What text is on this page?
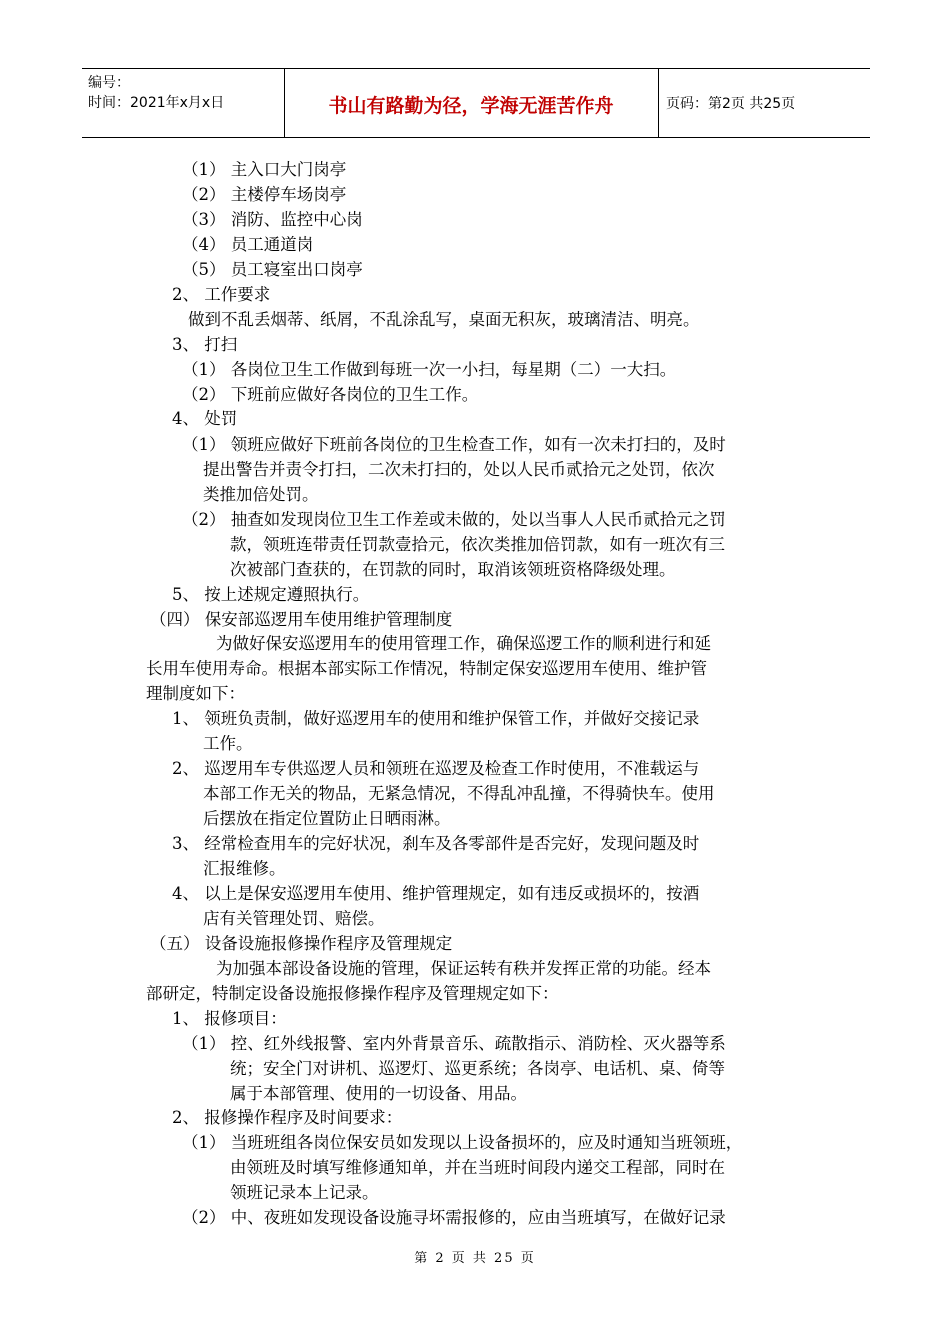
编号：
时间：2021年x月x日	书山有路勤为径，学海无涯苦作舟	页码：第2页 共25页
（1） 主入口大门岗亭
（2） 主楼停车场岗亭
（3） 消防、监控中心岗
（4） 员工通道岗
（5） 员工寝室出口岗亭
2、 工作要求
做到不乱丢烟蒂、纸屑，不乱涂乱写，桌面无积灰，玻璃清洁、明亮。
3、 打扫
（1） 各岗位卫生工作做到每班一次一小扫，每星期（二）一大扫。
（2） 下班前应做好各岗位的卫生工作。
4、 处罚
（1） 领班应做好下班前各岗位的卫生检查工作，如有一次未打扫的，及时
提出警告并责令打扫，二次未打扫的，处以人民币贰拾元之处罚，依次
类推加倍处罚。
（2） 抽查如发现岗位卫生工作差或未做的，处以当事人人民币贰拾元之罚
款，领班连带责任罚款壹拾元，依次类推加倍罚款，如有一班次有三
次被部门查获的，在罚款的同时，取消该领班资格降级处理。
5、 按上述规定遵照执行。
（四） 保安部巡逻用车使用维护管理制度
为做好保安巡逻用车的使用管理工作，确保巡逻工作的顺利进行和延
长用车使用寿命。根据本部实际工作情况，特制定保安巡逻用车使用、维护管
理制度如下：
1、 领班负责制，做好巡逻用车的使用和维护保管工作，并做好交接记录
工作。
2、 巡逻用车专供巡逻人员和领班在巡逻及检查工作时使用，不准载运与
本部工作无关的物品，无紧急情况，不得乱冲乱撞，不得骑快车。使用
后摆放在指定位置防止日晒雨淋。
3、 经常检查用车的完好状况，刹车及各零部件是否完好，发现问题及时
汇报维修。
4、 以上是保安巡逻用车使用、维护管理规定，如有违反或损坏的，按酒
店有关管理处罚、赔偿。
（五） 设备设施报修操作程序及管理规定
为加强本部设备设施的管理，保证运转有秩并发挥正常的功能。经本
部研定，特制定设备设施报修操作程序及管理规定如下：
1、 报修项目：
（1） 控、红外线报警、室内外背景音乐、疏散指示、消防栓、灭火器等系
统；安全门对讲机、巡逻灯、巡更系统；各岗亭、电话机、桌、倚等
属于本部管理、使用的一切设备、用品。
2、 报修操作程序及时间要求：
（1） 当班班组各岗位保安员如发现以上设备损坏的，应及时通知当班领班，
由领班及时填写维修通知单，并在当班时间段内递交工程部，同时在
领班记录本上记录。
（2） 中、夜班如发现设备设施寻坏需报修的，应由当班填写，在做好记录
第 2 页 共 25 页
